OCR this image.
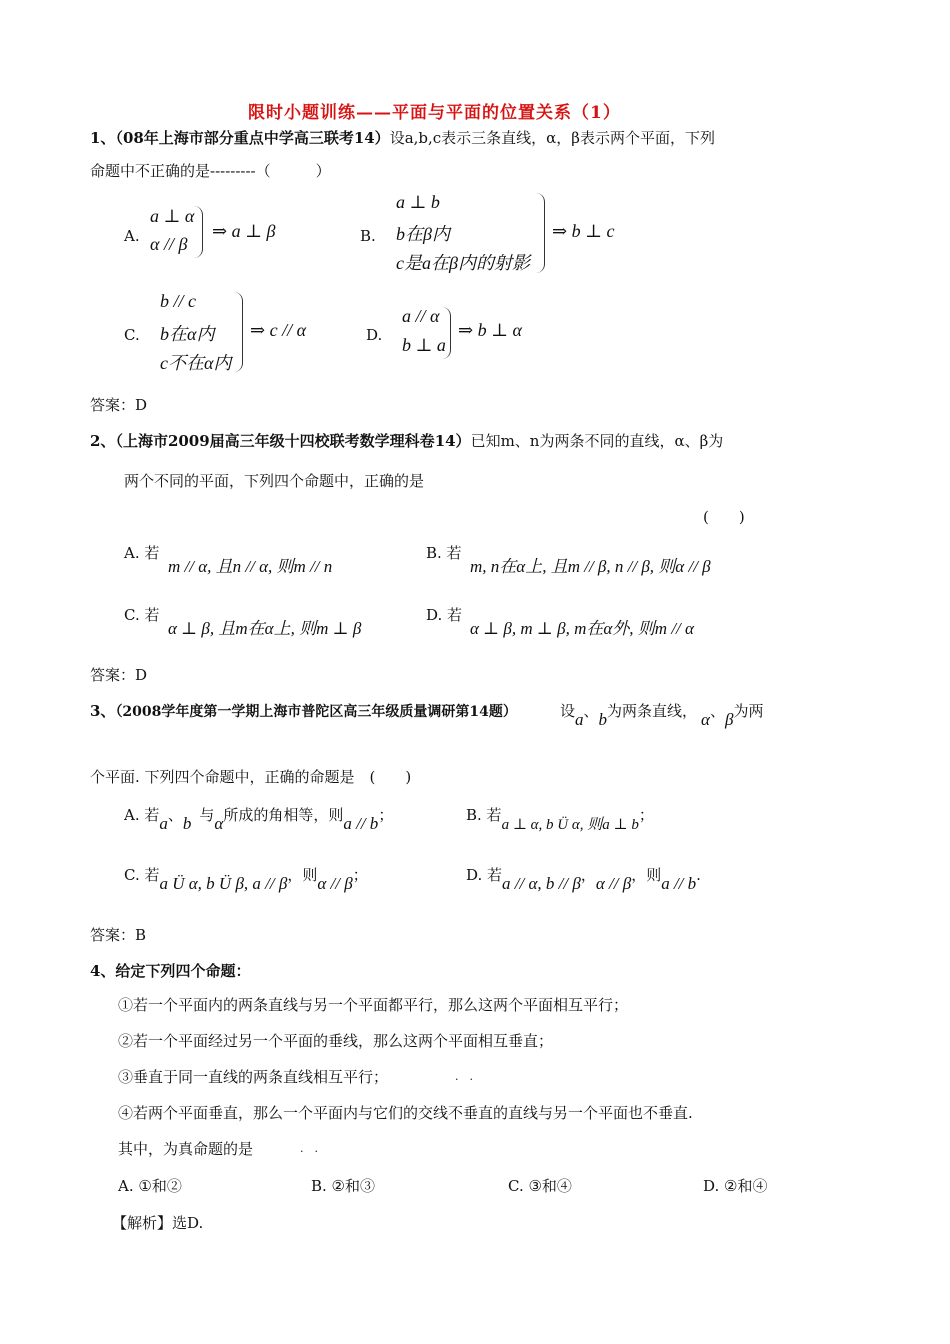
限时小题训练——平面与平面的位置关系（1）
1、（08年上海市部分重点中学高三联考14）设a,b,c表示三条直线，α，β表示两个平面，下列
命题中不正确的是---------（　　　）
A.
a ⊥ α
α // β
⇒ a ⊥ β	B.
a ⊥ b
b在β内
c是a在β内的射影
⇒ b ⊥ c
C.
b // c
b在α内
c不在α内
⇒ c // α	D.
a // α
b ⊥ a
⇒ b ⊥ α
答案：D
2、（上海市2009届高三年级十四校联考数学理科卷14）已知m、n为两条不同的直线，α、β为
两个不同的平面，下列四个命题中，正确的是
(　　)
A. 若
m // α, 且n // α, 则m // n
B. 若
m, n在α上, 且m // β, n // β, 则α // β
C. 若
α ⊥ β, 且m在α上, 则m ⊥ β
D. 若
α ⊥ β, m ⊥ β, m在α外, 则m // α
答案：D
3、（2008学年度第一学期上海市普陀区高三年级质量调研第14题）	设a、b为两条直线， α、β为两
个平面. 下列四个命题中，正确的命题是　(　　)
A. 若a、b 与α所成的角相等，则a // b；	B. 若a ⊥ α, b Ü α, 则a ⊥ b；
C. 若a Ü α, b Ü β, a // β，则α // β；	D. 若a // α, b // β，α // β，则a // b.
答案：B
4、给定下列四个命题：
①若一个平面内的两条直线与另一个平面都平行，那么这两个平面相互平行；
②若一个平面经过另一个平面的垂线，那么这两个平面相互垂直；
③垂直于同一直线的两条直线相互平行；	.　.
④若两个平面垂直，那么一个平面内与它们的交线不垂直的直线与另一个平面也不垂直.
其中，为真命题的是	.　.
A. ①和②	B. ②和③	C. ③和④	D. ②和④
【解析】选D.
